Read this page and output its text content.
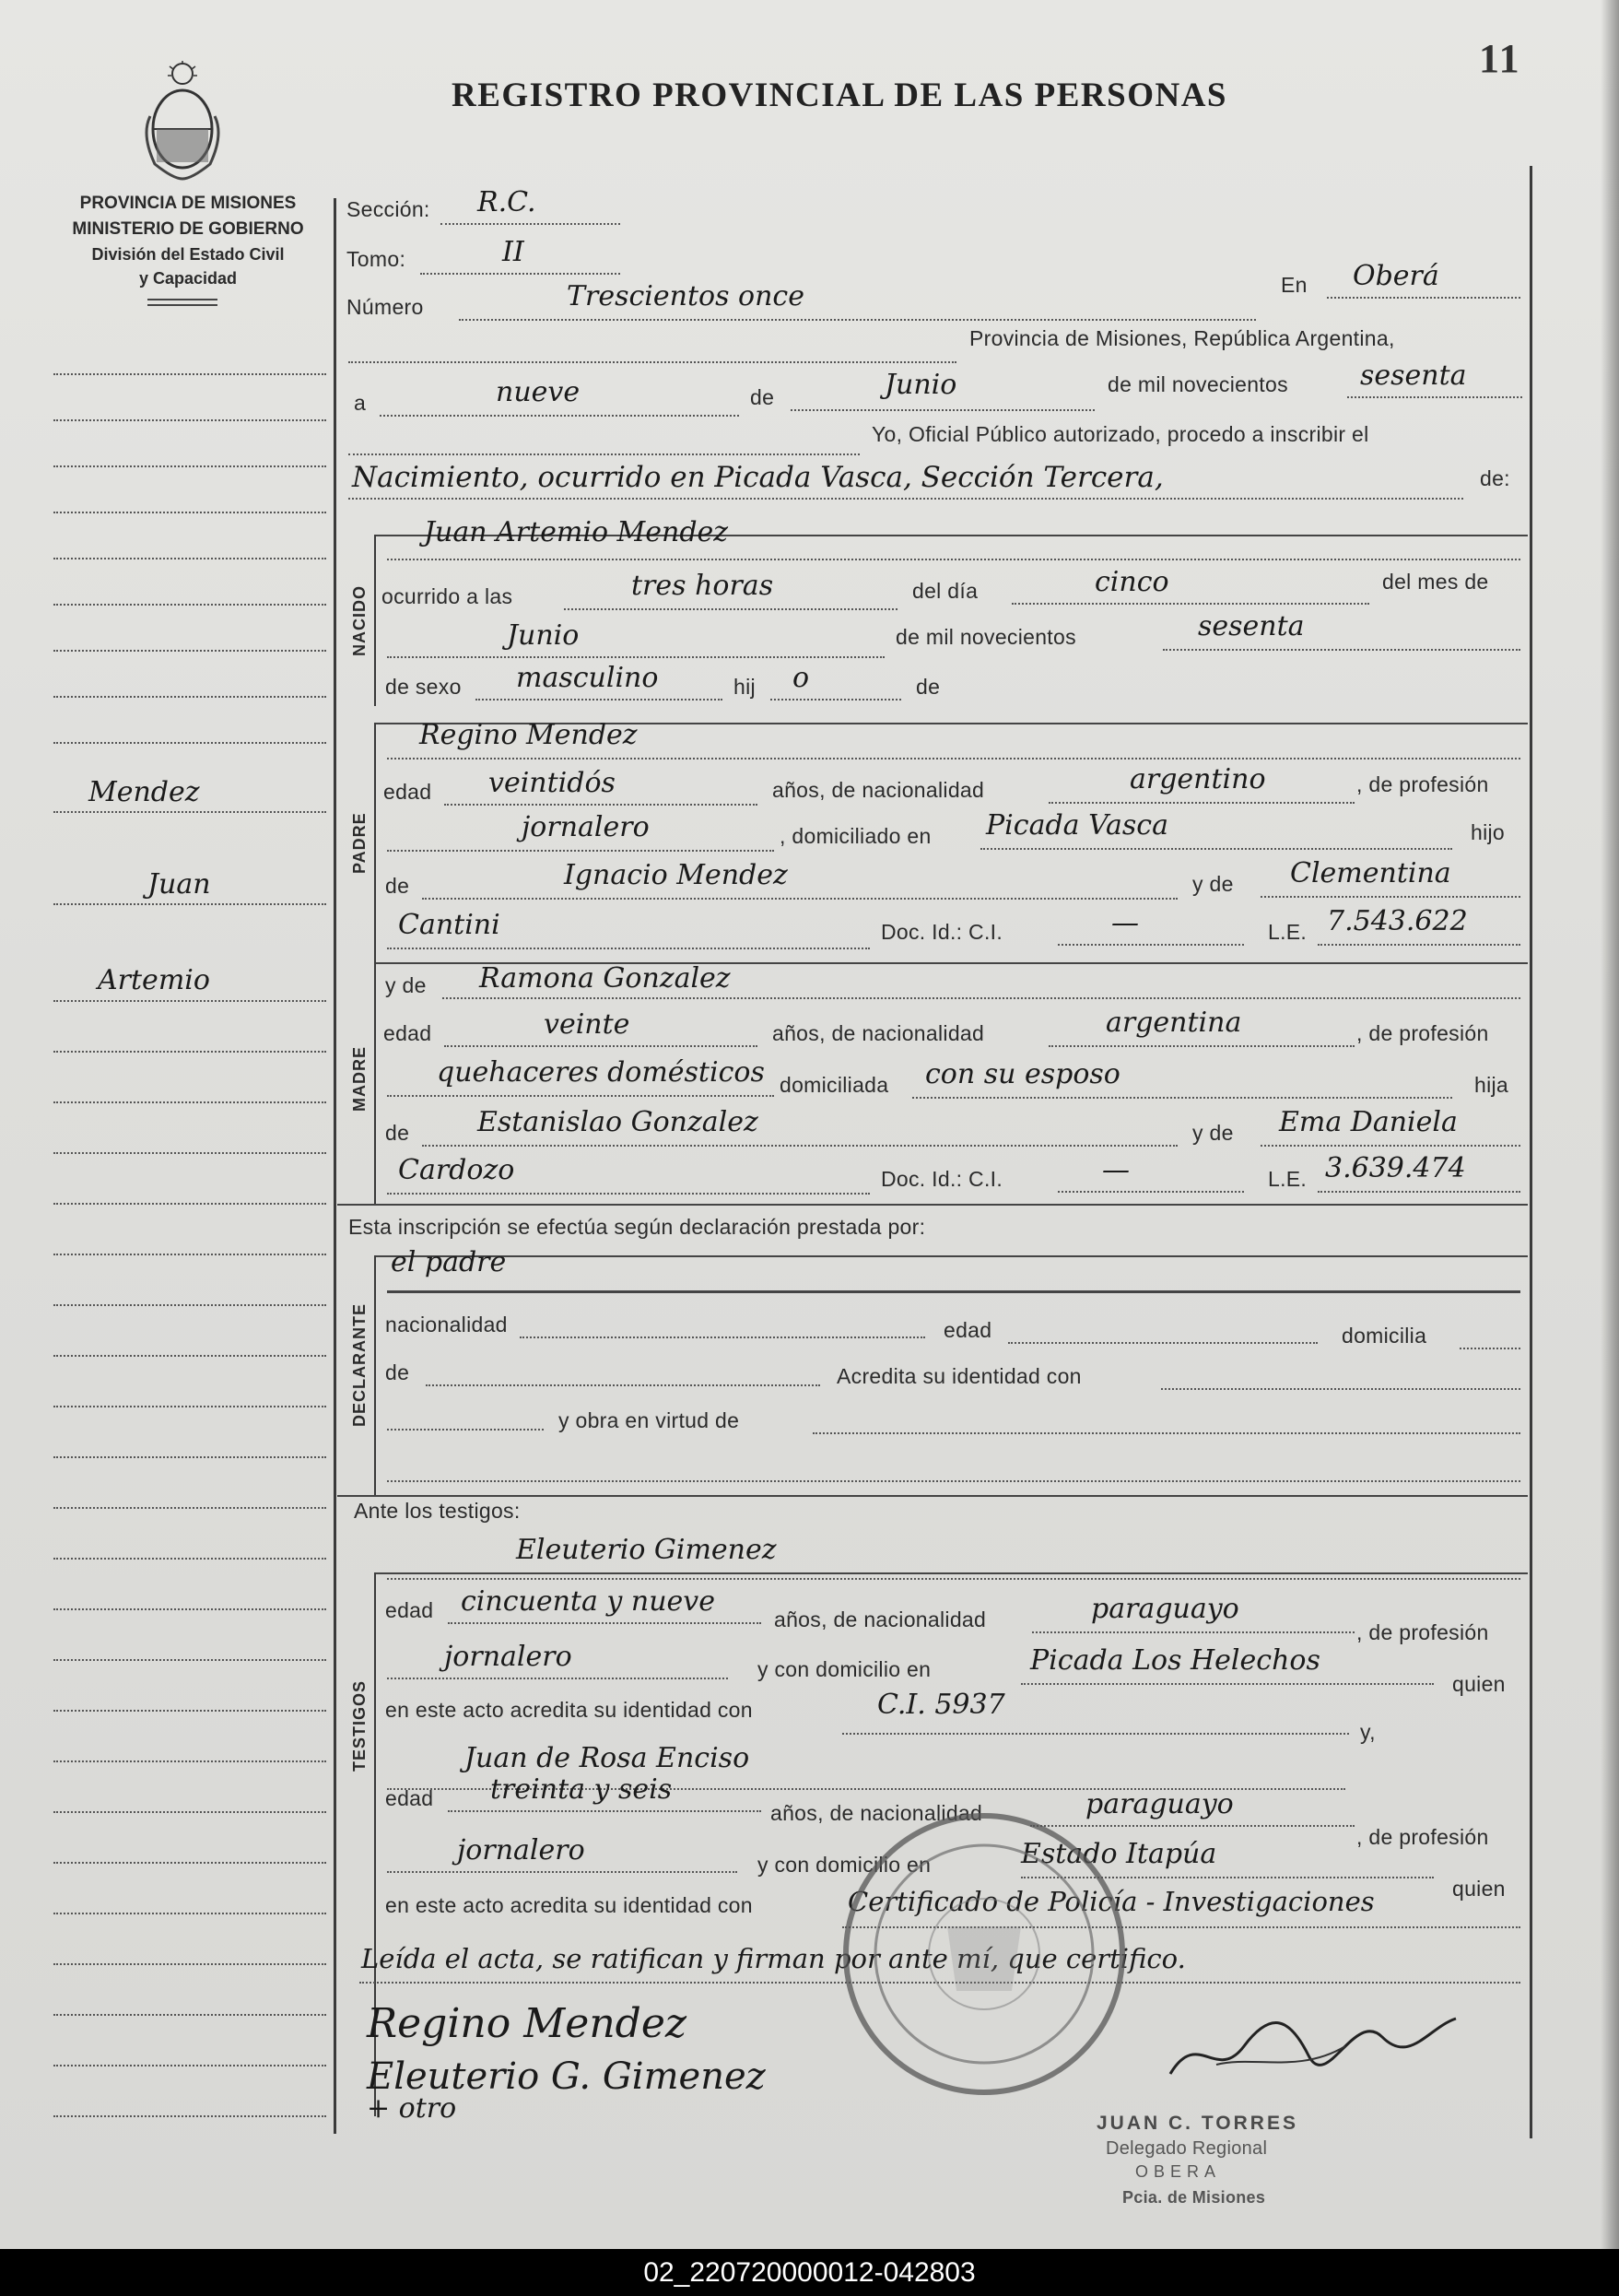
REGISTRO PROVINCIAL DE LAS PERSONAS
11
PROVINCIA DE MISIONES
MINISTERIO DE GOBIERNO
División del Estado Civil
y Capacidad
Mendez
Juan
Artemio
Sección: R.C.
Tomo:	II
Número	Trescientos once	En Oberá
Provincia de Misiones, República Argentina,
a	nueve	de	Junio	de mil novecientos	sesenta
Yo, Oficial Público autorizado, procedo a inscribir el
Nacimiento, ocurrido en Picada Vasca, Sección Tercera,	de:
NACIDO
Juan Artemio Mendez
ocurrido a las	tres horas	del día	cinco	del mes de
Junio	de mil novecientos	sesenta
de sexo masculino	hij o	de
PADRE
Regino Mendez
edad veintidós	años, de nacionalidad	argentino	, de profesión
jornalero	, domiciliado en Picada Vasca	hijo
de	Ignacio Mendez	y de Clementina
Cantini	Doc. Id.: C.I.	—	L.E. 7.543.622
MADRE
y de Ramona Gonzalez
edad	veinte	años, de nacionalidad	argentina	, de profesión
quehaceres domésticos domiciliada con su esposo	hija
de Estanislao Gonzalez	y de Ema Daniela
Cardozo	Doc. Id.: C.I.	—	L.E. 3.639.474
Esta inscripción se efectúa según declaración prestada por:
DECLARANTE
el padre
nacionalidad	edad	domicilia
de	Acredita su identidad con
y obra en virtud de
Ante los testigos:
TESTIGOS
Eleuterio Gimenez
edad cincuenta y nueve
años, de nacionalidad	paraguayo
, de profesión
jornalero	y con domicilio en	Picada Los Helechos
quien
en este acto acredita su identidad con	C.I. 5937
y,
Juan de Rosa Enciso
edad treinta y seis
años, de nacionalidad	paraguayo
, de profesión
jornalero	y con domicilio en	Estado Itapúa
quien
en este acto acredita su identidad con	Certificado de Policía - Investigaciones
Leída el acta, se ratifican y firman por ante mí, que certifico.
Regino Mendez
Eleuterio G. Gimenez
+ otro	JUAN C. TORRES
Delegado Regional
OBERA
Pcia. de Misiones
02_220720000012-042803
